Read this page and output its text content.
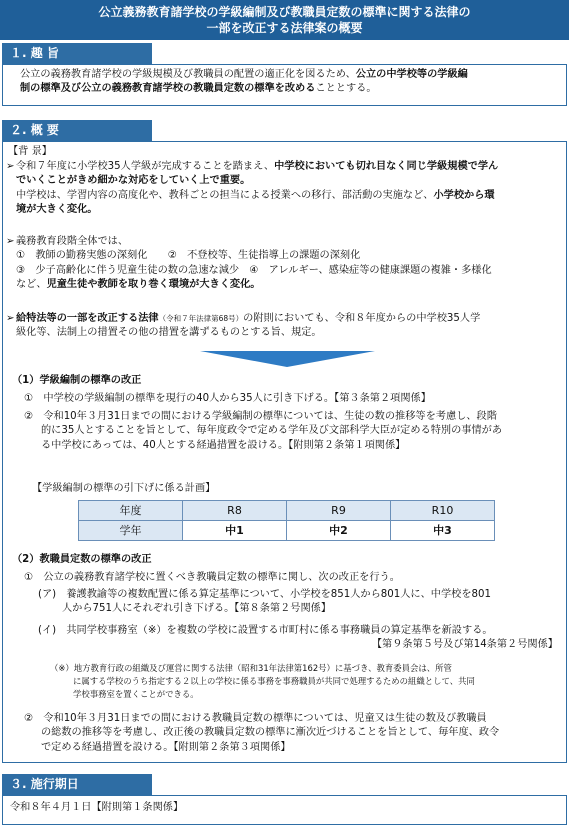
公立義務教育諸学校の学級編制及び教職員定数の標準に関する法律の
一部を改正する法律案の概要
１. 趣 旨
公立の義務教育諸学校の学級規模及び教職員の配置の適正化を図るため、公立の中学校等の学級編
制の標準及び公立の義務教育諸学校の教職員定数の標準を改めることとする。
２. 概 要
【背 景】
➢令和７年度に小学校35人学級が完成することを踏まえ、中学校においても切れ目なく同じ学級規模で学ん
でいくことがきめ細かな対応をしていく上で重要。
中学校は、学習内容の高度化や、教科ごとの担当による授業への移行、部活動の実施など、小学校から環
境が大きく変化。
➢義務教育段階全体では、
①　教師の勤務実態の深刻化　　②　不登校等、生徒指導上の課題の深刻化
③　少子高齢化に伴う児童生徒の数の急速な減少　④　アレルギー、感染症等の健康課題の複雑・多様化
など、児童生徒や教師を取り巻く環境が大きく変化。
➢給特法等の一部を改正する法律（令和７年法律第68号）の附則においても、令和８年度からの中学校35人学
級化等、法制上の措置その他の措置を講ずるものとする旨、規定。
（1）学級編制の標準の改正
①　中学校の学級編制の標準を現行の40人から35人に引き下げる。【第３条第２項関係】
②　令和10年３月31日までの間における学級編制の標準については、生徒の数の推移等を考慮し、段階
的に35人とすることを旨として、毎年度政令で定める学年及び文部科学大臣が定める特別の事情があ
る中学校にあっては、40人とする経過措置を設ける。【附則第２条第１項関係】
【学級編制の標準の引下げに係る計画】
年度	R8	R9	R10
学年	中1	中2	中3
（2）教職員定数の標準の改正
①　公立の義務教育諸学校に置くべき教職員定数の標準に関し、次の改正を行う。
(ア)　養護教諭等の複数配置に係る算定基準について、小学校を851人から801人に、中学校を801
人から751人にそれぞれ引き下げる。【第８条第２号関係】
(イ)　共同学校事務室（※）を複数の学校に設置する市町村に係る事務職員の算定基準を新設する。
【第９条第５号及び第14条第２号関係】
（※）地方教育行政の組織及び運営に関する法律（昭和31年法律第162号）に基づき、教育委員会は、所管
に属する学校のうち指定する２以上の学校に係る事務を事務職員が共同で処理するための組織として、共同
学校事務室を置くことができる。
②　令和10年３月31日までの間における教職員定数の標準については、児童又は生徒の数及び教職員
の総数の推移等を考慮し、改正後の教職員定数の標準に漸次近づけることを旨として、毎年度、政令
で定める経過措置を設ける。【附則第２条第３項関係】
３. 施行期日
令和８年４月１日【附則第１条関係】
